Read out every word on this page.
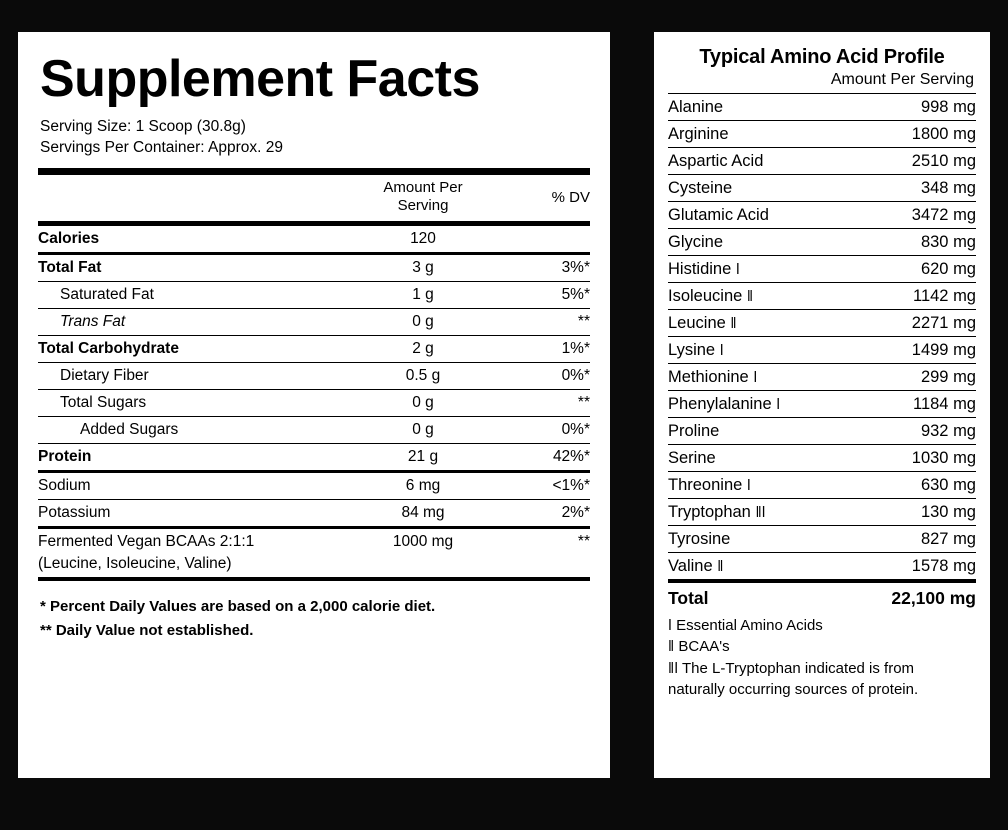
Supplement Facts
Serving Size: 1 Scoop (30.8g)
Servings Per Container: Approx. 29
	Amount Per
Serving	% DV
Calories	120	
Total Fat	3 g	3%*
Saturated Fat	1 g	5%*
Trans Fat	0 g	**
Total Carbohydrate	2 g	1%*
Dietary Fiber	0.5 g	0%*
Total Sugars	0 g	**
Added Sugars	0 g	0%*
Protein	21 g	42%*
Sodium	6 mg	<1%*
Potassium	84 mg	2%*
Fermented Vegan BCAAs 2:1:1	1000 mg	**
(Leucine, Isoleucine, Valine)		
* Percent Daily Values are based on a 2,000 calorie diet.
** Daily Value not established.
Typical Amino Acid Profile
Amount Per Serving
Alanine	998 mg
Arginine	1800 mg
Aspartic Acid	2510 mg
Cysteine	348 mg
Glutamic Acid	3472 mg
Glycine	830 mg
Histidine ǀ	620 mg
Isoleucine ǁ	1142 mg
Leucine ǁ	2271 mg
Lysine ǀ	1499 mg
Methionine ǀ	299 mg
Phenylalanine ǀ	1184 mg
Proline	932 mg
Serine	1030 mg
Threonine ǀ	630 mg
Tryptophan ǁǀ	130 mg
Tyrosine	827 mg
Valine ǁ	1578 mg
Total	22,100 mg
ǀ Essential Amino Acids
ǁ BCAA's
ǁǀ The L-Tryptophan indicated is from
naturally occurring sources of protein.
